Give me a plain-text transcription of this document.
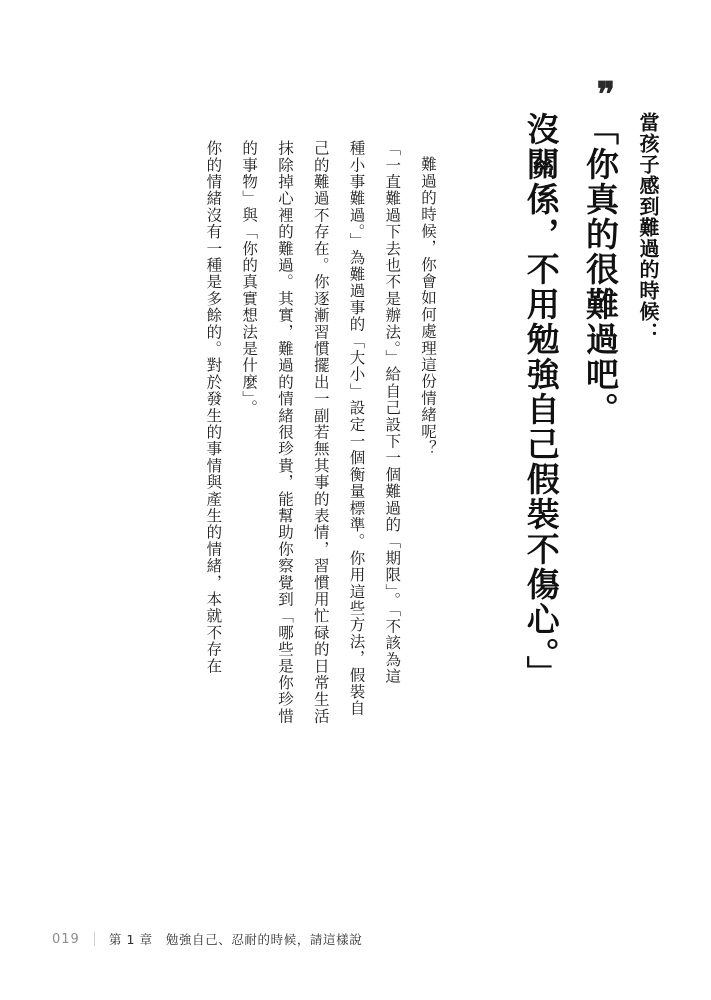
❞
沒關係，不用勉強自己假裝不傷心。」 「你真的很難過吧。 當孩子感到難過的時候：
你的情緒沒有一種是多餘的。對於發生的事情與產生的情緒，本就不存在	的事物」與「你的真實想法是什麼」。	抹除掉心裡的難過。其實，難過的情緒很珍貴，能幫助你察覺到「哪些是你珍惜	己的難過不存在。你逐漸習慣擺出一副若無其事的表情，習慣用忙碌的日常生活	種小事難過。」為難過事的「大小」設定一個衡量標準。你用這些方法，假裝自	「一直難過下去也不是辦法。」給自己設下一個難過的「期限」。「不該為這	難過的時候，你會如何處理這份情緒呢？
019 第 1 章　勉強自己、忍耐的時候，請這樣說
